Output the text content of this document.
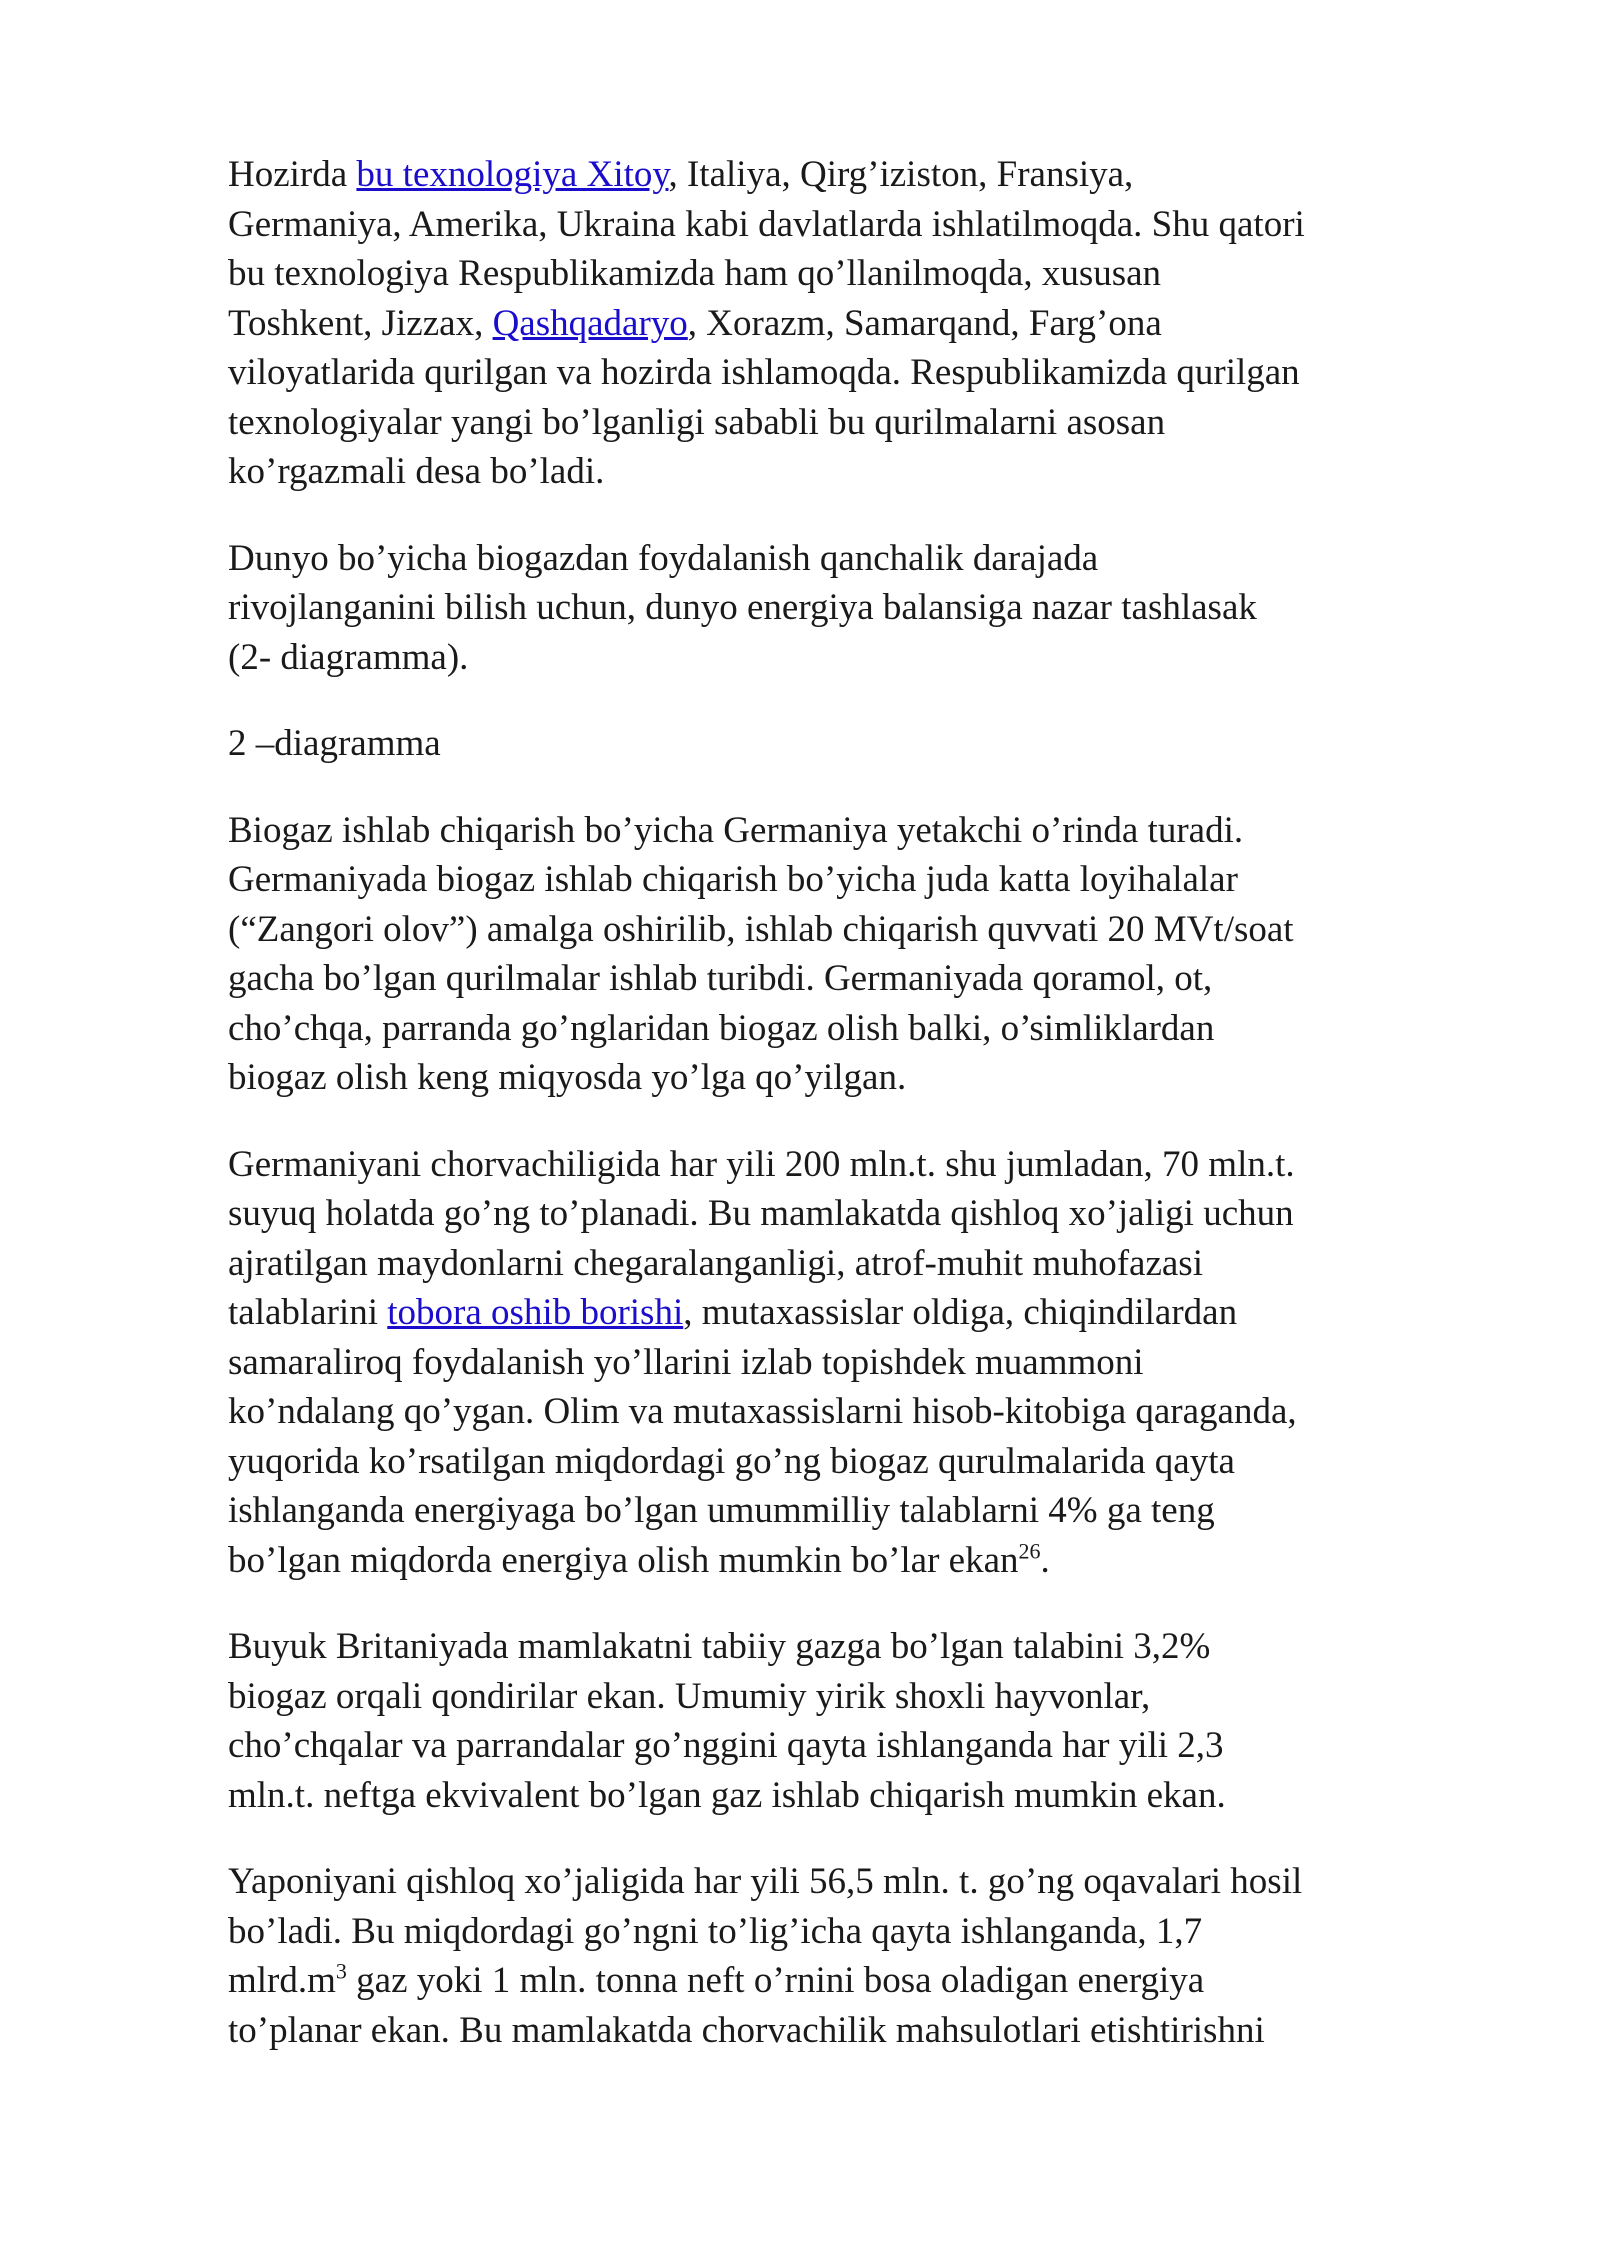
Hozirda bu texnologiya Xitoy, Italiya, Qirg’iziston, Fransiya,
Germaniya, Amerika, Ukraina kabi davlatlarda ishlatilmoqda. Shu qatori
bu texnologiya Respublikamizda ham qo’llanilmoqda, xususan
Toshkent, Jizzax, Qashqadaryo, Xorazm, Samarqand, Farg’ona
viloyatlarida qurilgan va hozirda ishlamoqda. Respublikamizda qurilgan
texnologiyalar yangi bo’lganligi sababli bu qurilmalarni asosan
ko’rgazmali desa bo’ladi.

Dunyo bo’yicha biogazdan foydalanish qanchalik darajada
rivojlanganini bilish uchun, dunyo energiya balansiga nazar tashlasak
(2- diagramma).

2 –diagramma

Biogaz ishlab chiqarish bo’yicha Germaniya yetakchi o’rinda turadi.
Germaniyada biogaz ishlab chiqarish bo’yicha juda katta loyihalalar
(“Zangori olov”) amalga oshirilib, ishlab chiqarish quvvati 20 MVt/soat
gacha bo’lgan qurilmalar ishlab turibdi. Germaniyada qoramol, ot,
cho’chqa, parranda go’nglaridan biogaz olish balki, o’simliklardan
biogaz olish keng miqyosda yo’lga qo’yilgan.

Germaniyani chorvachiligida har yili 200 mln.t. shu jumladan, 70 mln.t.
suyuq holatda go’ng to’planadi. Bu mamlakatda qishloq xo’jaligi uchun
ajratilgan maydonlarni chegaralanganligi, atrof-muhit muhofazasi
talablarini tobora oshib borishi, mutaxassislar oldiga, chiqindilardan
samaraliroq foydalanish yo’llarini izlab topishdek muammoni
ko’ndalang qo’ygan. Olim va mutaxassislarni hisob-kitobiga qaraganda,
yuqorida ko’rsatilgan miqdordagi go’ng biogaz qurulmalarida qayta
ishlanganda energiyaga bo’lgan umummilliy talablarni 4% ga teng
bo’lgan miqdorda energiya olish mumkin bo’lar ekan$^{26}$.

Buyuk Britaniyada mamlakatni tabiiy gazga bo’lgan talabini 3,2%
biogaz orqali qondirilar ekan. Umumiy yirik shoxli hayvonlar,
cho’chqalar va parrandalar go’nggini qayta ishlanganda har yili 2,3
mln.t. neftga ekvivalent bo’lgan gaz ishlab chiqarish mumkin ekan.

Yaponiyani qishloq xo’jaligida har yili 56,5 mln. t. go’ng oqavalari hosil
bo’ladi. Bu miqdordagi go’ngni to’lig’icha qayta ishlanganda, 1,7
$mlrd.m^3$ gaz yoki 1 mln. tonna neft o’rnini bosa oladigan energiya
to’planar ekan. Bu mamlakatda chorvachilik mahsulotlari etishtirishni
